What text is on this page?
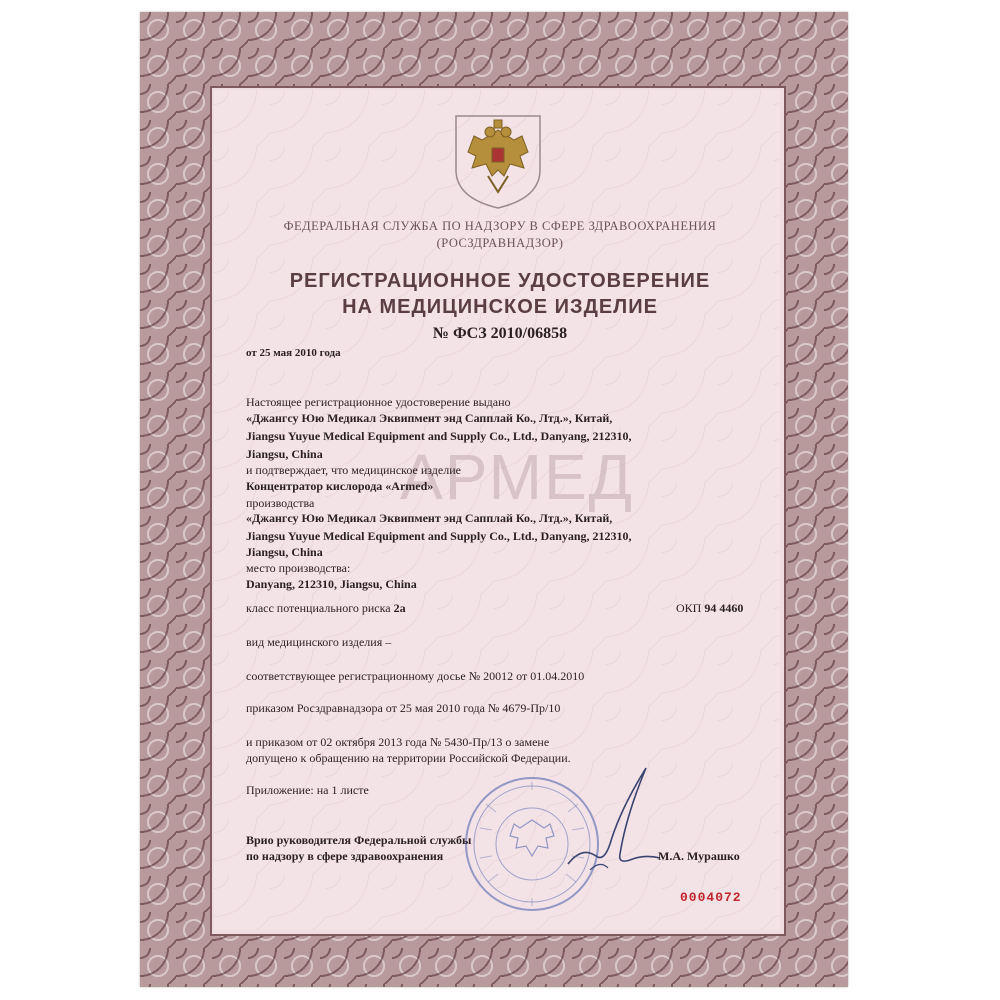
ФЕДЕРАЛЬНАЯ СЛУЖБА ПО НАДЗОРУ В СФЕРЕ ЗДРАВООХРАНЕНИЯ
(РОСЗДРАВНАДЗОР)
РЕГИСТРАЦИОННОЕ УДОСТОВЕРЕНИЕ
НА МЕДИЦИНСКОЕ ИЗДЕЛИЕ
№ ФСЗ 2010/06858
от 25 мая 2010 года
АРМЕД
Настоящее регистрационное удостоверение выдано
«Джангсу Юю Медикал Эквипмент энд Сапплай Ко., Лтд.», Китай,
Jiangsu Yuyue Medical Equipment and Supply Co., Ltd., Danyang, 212310,
Jiangsu, China
и подтверждает, что медицинское изделие
Концентратор кислорода «Armed»
производства
«Джангсу Юю Медикал Эквипмент энд Сапплай Ко., Лтд.», Китай,
Jiangsu Yuyue Medical Equipment and Supply Co., Ltd., Danyang, 212310,
Jiangsu, China
место производства:
Danyang, 212310, Jiangsu, China
класс потенциального риска 2а	ОКП 94 4460
вид медицинского изделия –
соответствующее регистрационному досье № 20012 от 01.04.2010
приказом Росздравнадзора от 25 мая 2010 года № 4679-Пр/10
и приказом от 02 октября 2013 года № 5430-Пр/13 о замене
допущено к обращению на территории Российской Федерации.
Приложение: на 1 листе
Врио руководителя Федеральной службы
по надзору в сфере здравоохранения	М.А. Мурашко
0004072
